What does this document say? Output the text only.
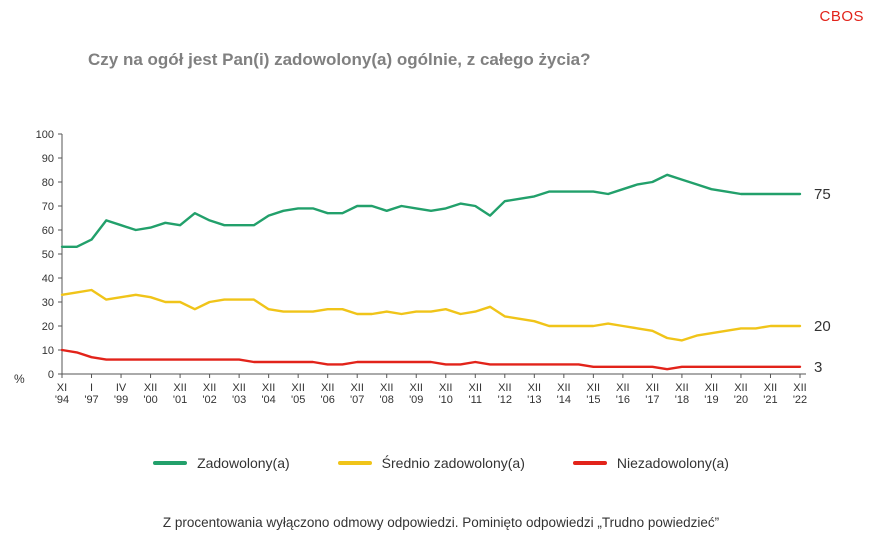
CBOS
Czy na ogół jest Pan(i) zadowolony(a) ogólnie, z całego życia?
% 0
10
20
30
40
50
60
70
80
90
100
XI '94
I '97
IV '99
XII '00
XII '01
XII '02
XII '03
XII '04
XII '05
XII '06
XII '07
XII '08
XII '09
XII '10
XII '11
XII '12
XII '13
XII '14
XII '15
XII '16
XII '17
XII '18
XII '19
XII '20
XII '21
XII '22
75
20
3
Zadowolony(a)	Średnio zadowolony(a)	Niezadowolony(a)
Z procentowania wyłączono odmowy odpowiedzi. Pominięto odpowiedzi „Trudno powiedzieć”
